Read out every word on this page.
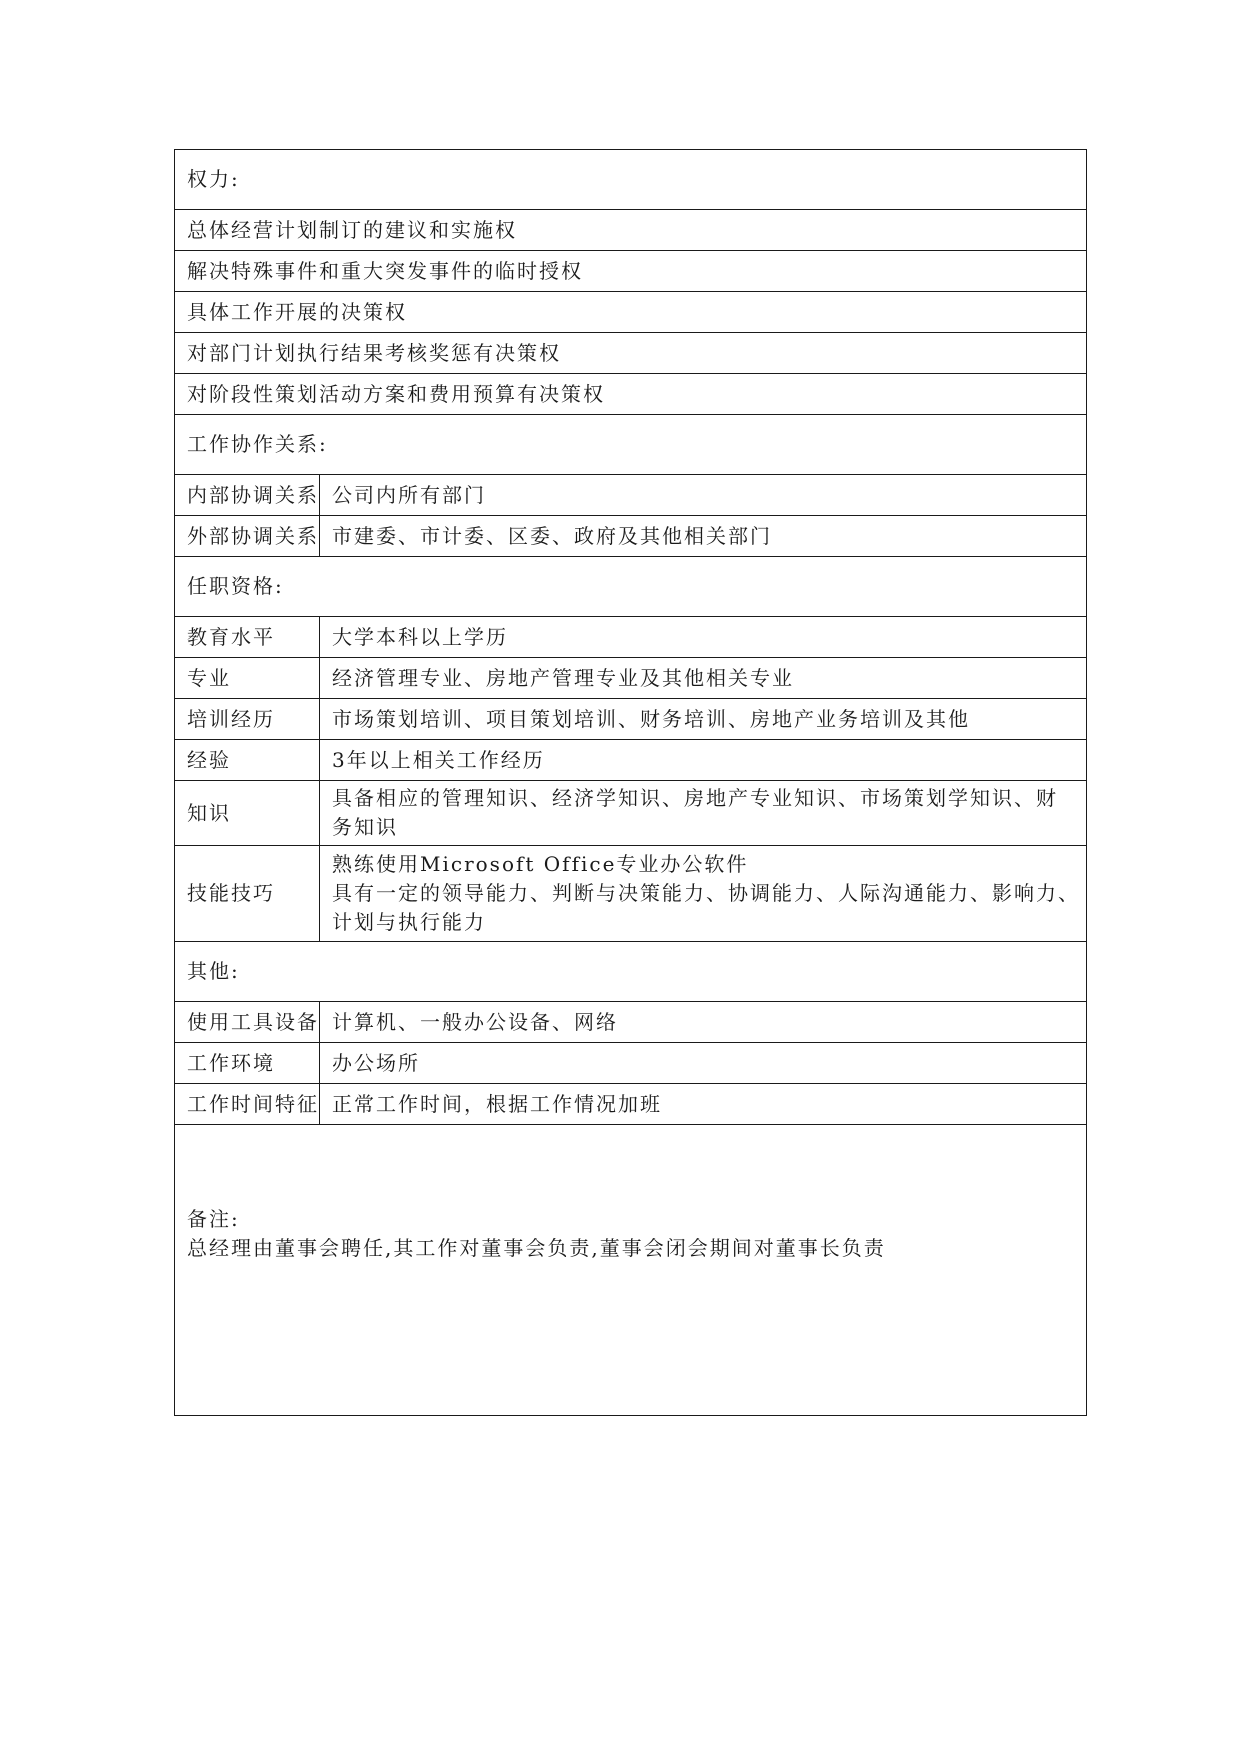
权力:	
总体经营计划制订的建议和实施权	
解决特殊事件和重大突发事件的临时授权	
具体工作开展的决策权	
对部门计划执行结果考核奖惩有决策权	
对阶段性策划活动方案和费用预算有决策权	
工作协作关系:	
内部协调关系	公司内所有部门
外部协调关系	市建委、市计委、区委、政府及其他相关部门
任职资格:	
教育水平	大学本科以上学历
专业	经济管理专业、房地产管理专业及其他相关专业
培训经历	市场策划培训、项目策划培训、财务培训、房地产业务培训及其他
经验	3年以上相关工作经历
知识	具备相应的管理知识、经济学知识、房地产专业知识、市场策划学知识、财
务知识

技能技巧	熟练使用Microsoft Office专业办公软件
具有一定的领导能力、判断与决策能力、协调能力、人际沟通能力、影响力、
计划与执行能力

其他:	
使用工具设备	计算机、一般办公设备、网络
工作环境	办公场所
工作时间特征	正常工作时间，根据工作情况加班

备注:
总经理由董事会聘任,其工作对董事会负责,董事会闭会期间对董事长负责	
